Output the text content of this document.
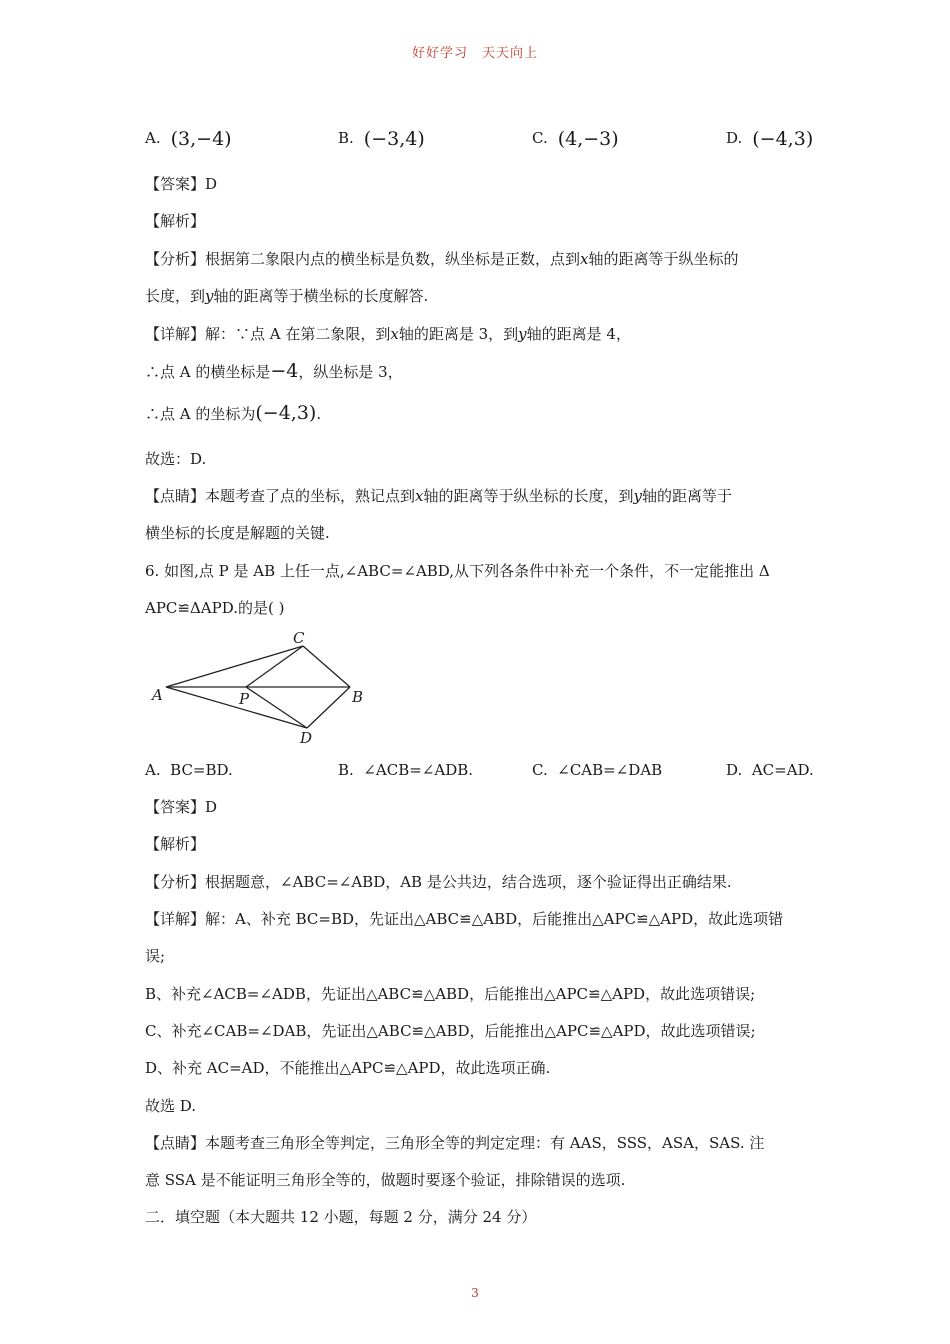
好好学习 天天向上
A. (3,−4)	B. (−3,4)	C. (4,−3)	D. (−4,3)
【答案】D
【解析】
【分析】根据第二象限内点的横坐标是负数，纵坐标是正数，点到x轴的距离等于纵坐标的
长度，到y轴的距离等于横坐标的长度解答.
【详解】解：∵点 A 在第二象限，到x轴的距离是 3，到y轴的距离是 4，
∴点 A 的横坐标是−4，纵坐标是 3，
∴点 A 的坐标为(−4,3).
故选：D.
【点睛】本题考查了点的坐标，熟记点到x轴的距离等于纵坐标的长度，到y轴的距离等于
横坐标的长度是解题的关键.
6. 如图,点 P 是 AB 上任一点,∠ABC=∠ABD,从下列各条件中补充一个条件，不一定能推出 Δ
APC≌ΔAPD.的是( )
A	B
C
D
P
A. BC=BD.	B. ∠ACB=∠ADB.	C. ∠CAB=∠DAB	D. AC=AD.
【答案】D
【解析】
【分析】根据题意，∠ABC=∠ABD，AB 是公共边，结合选项，逐个验证得出正确结果.
【详解】解：A、补充 BC=BD，先证出△ABC≌△ABD，后能推出△APC≌△APD，故此选项错
误;
B、补充∠ACB=∠ADB，先证出△ABC≌△ABD，后能推出△APC≌△APD，故此选项错误;
C、补充∠CAB=∠DAB，先证出△ABC≌△ABD，后能推出△APC≌△APD，故此选项错误;
D、补充 AC=AD，不能推出△APC≌△APD，故此选项正确.
故选 D.
【点睛】本题考查三角形全等判定，三角形全等的判定定理：有 AAS，SSS，ASA，SAS. 注
意 SSA 是不能证明三角形全等的，做题时要逐个验证，排除错误的选项.
二．填空题（本大题共 12 小题，每题 2 分，满分 24 分）
3
